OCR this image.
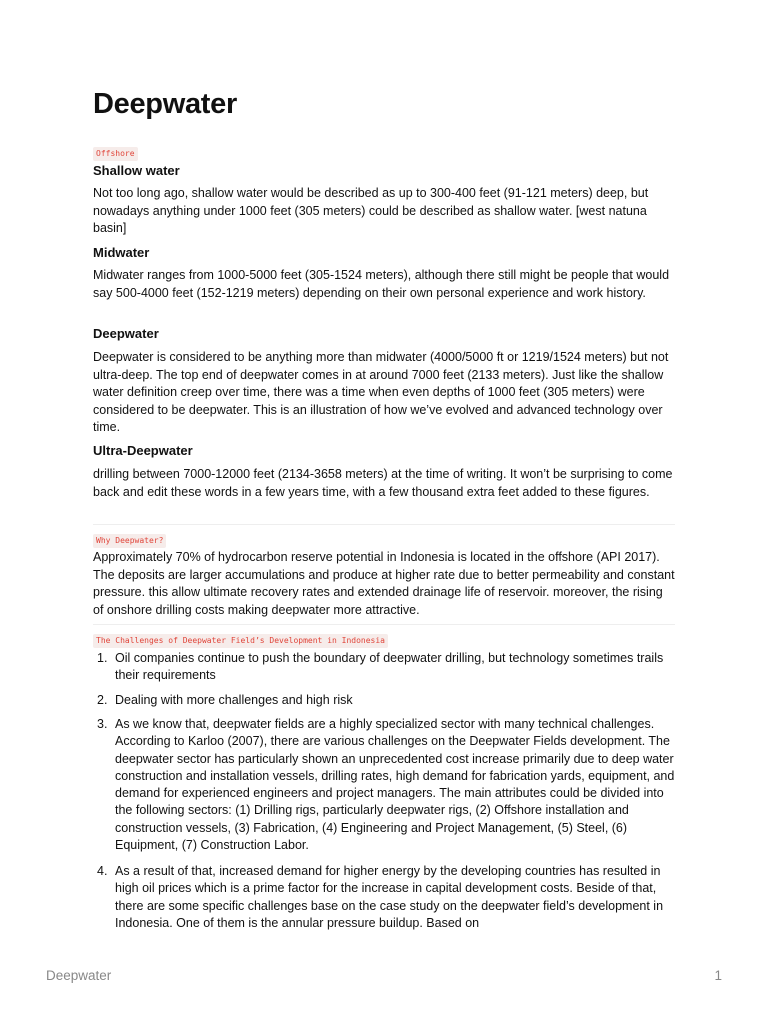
Deepwater
Offshore
Shallow water
Not too long ago, shallow water would be described as up to 300-400 feet (91-121 meters) deep, but nowadays anything under 1000 feet (305 meters) could be described as shallow water. [west natuna basin]
Midwater
Midwater ranges from 1000-5000 feet (305-1524 meters), although there still might be people that would say 500-4000 feet (152-1219 meters) depending on their own personal experience and work history.
Deepwater
Deepwater is considered to be anything more than midwater (4000/5000 ft or 1219/1524 meters) but not ultra-deep. The top end of deepwater comes in at around 7000 feet (2133 meters). Just like the shallow water definition creep over time, there was a time when even depths of 1000 feet (305 meters) were considered to be deepwater. This is an illustration of how we’ve evolved and advanced technology over time.
Ultra-Deepwater
drilling between 7000-12000 feet (2134-3658 meters) at the time of writing. It won’t be surprising to come back and edit these words in a few years time, with a few thousand extra feet added to these figures.
Why Deepwater?
Approximately 70% of hydrocarbon reserve potential in Indonesia is located in the offshore (API 2017). The deposits are larger accumulations and produce at higher rate due to better permeability and constant pressure. this allow ultimate recovery rates and extended drainage life of reservoir. moreover, the rising of onshore drilling costs making deepwater more attractive.
The Challenges of Deepwater Field’s Development in Indonesia
1. Oil companies continue to push the boundary of deepwater drilling, but technology sometimes trails their requirements
2. Dealing with more challenges and high risk
3. As we know that, deepwater fields are a highly specialized sector with many technical challenges. According to Karloo (2007), there are various challenges on the Deepwater Fields development. The deepwater sector has particularly shown an unprecedented cost increase primarily due to deep water construction and installation vessels, drilling rates, high demand for fabrication yards, equipment, and demand for experienced engineers and project managers. The main attributes could be divided into the following sectors: (1) Drilling rigs, particularly deepwater rigs, (2) Offshore installation and construction vessels, (3) Fabrication, (4) Engineering and Project Management, (5) Steel, (6) Equipment, (7) Construction Labor.
4. As a result of that, increased demand for higher energy by the developing countries has resulted in high oil prices which is a prime factor for the increase in capital development costs. Beside of that, there are some specific challenges base on the case study on the deepwater field’s development in Indonesia. One of them is the annular pressure buildup. Based on
Deepwater	1
